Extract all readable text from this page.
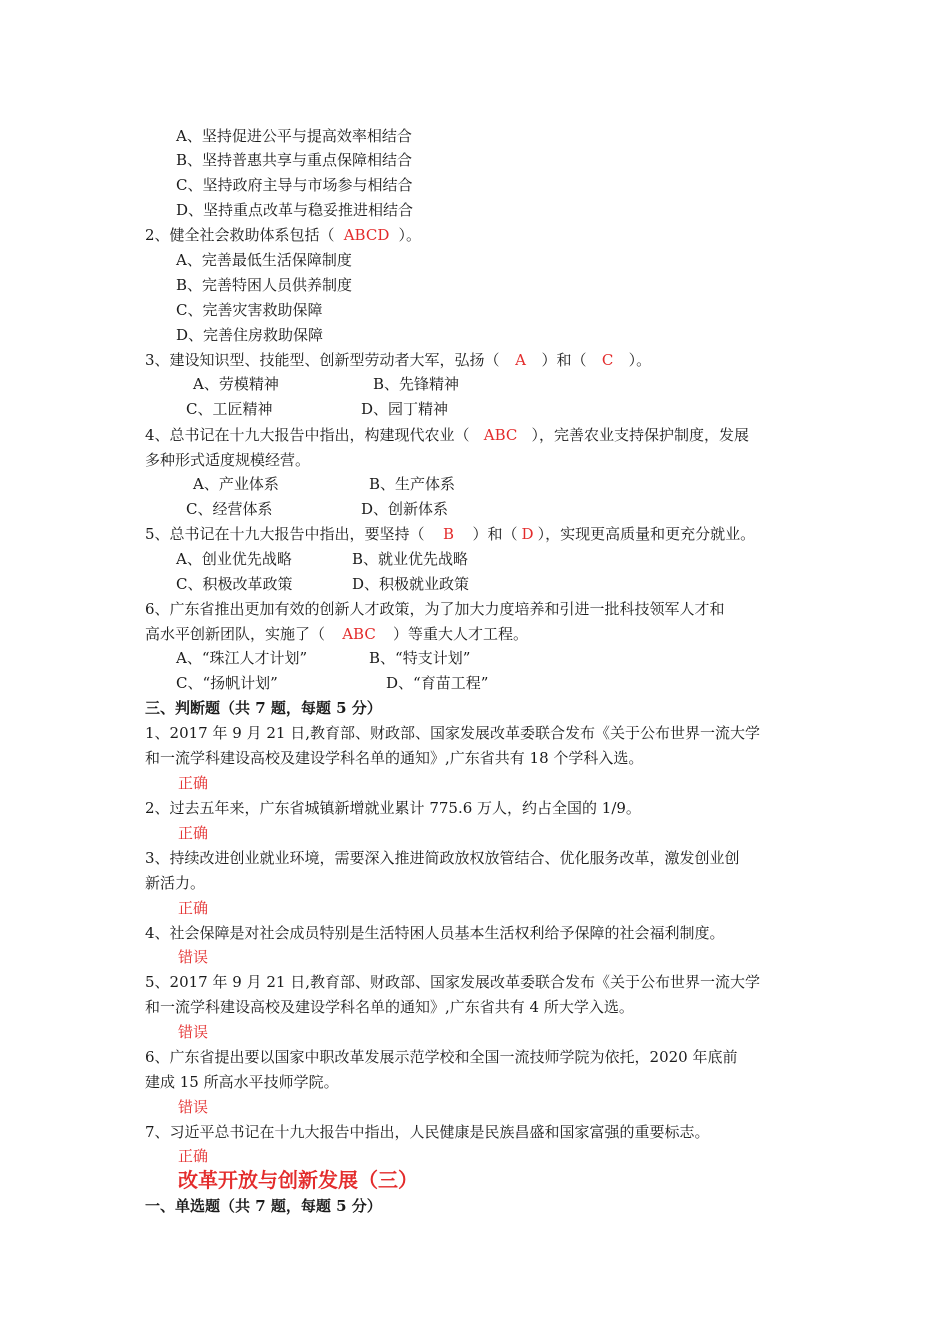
A、坚持促进公平与提高效率相结合
B、坚持普惠共享与重点保障相结合
C、坚持政府主导与市场参与相结合
D、坚持重点改革与稳妥推进相结合
2、健全社会救助体系包括（ ABCD ）。
A、完善最低生活保障制度
B、完善特困人员供养制度
C、完善灾害救助保障
D、完善住房救助保障
3、建设知识型、技能型、创新型劳动者大军，弘扬（ A ）和（ C ）。
A、劳模精神	B、先锋精神
C、工匠精神	D、园丁精神
4、总书记在十九大报告中指出，构建现代农业（ ABC ），完善农业支持保护制度，发展
多种形式适度规模经营。
A、产业体系	B、生产体系
C、经营体系	D、创新体系
5、总书记在十九大报告中指出，要坚持（ B ）和（ D ），实现更高质量和更充分就业。
A、创业优先战略	B、就业优先战略
C、积极改革政策	D、积极就业政策
6、广东省推出更加有效的创新人才政策，为了加大力度培养和引进一批科技领军人才和
高水平创新团队，实施了（ ABC ）等重大人才工程。
A、“珠江人才计划”	B、“特支计划”
C、“扬帆计划”	D、“育苗工程”
三、判断题（共 7 题，每题 5 分）
1、2017 年 9 月 21 日,教育部、财政部、国家发展改革委联合发布《关于公布世界一流大学
和一流学科建设高校及建设学科名单的通知》,广东省共有 18 个学科入选。
正确
2、过去五年来，广东省城镇新增就业累计 775.6 万人，约占全国的 1/9。
正确
3、持续改进创业就业环境，需要深入推进简政放权放管结合、优化服务改革，激发创业创
新活力。
正确
4、社会保障是对社会成员特别是生活特困人员基本生活权利给予保障的社会福利制度。
错误
5、2017 年 9 月 21 日,教育部、财政部、国家发展改革委联合发布《关于公布世界一流大学
和一流学科建设高校及建设学科名单的通知》,广东省共有 4 所大学入选。
错误
6、广东省提出要以国家中职改革发展示范学校和全国一流技师学院为依托，2020 年底前
建成 15 所高水平技师学院。
错误
7、习近平总书记在十九大报告中指出，人民健康是民族昌盛和国家富强的重要标志。
正确
改革开放与创新发展（三）
一、单选题（共 7 题，每题 5 分）
